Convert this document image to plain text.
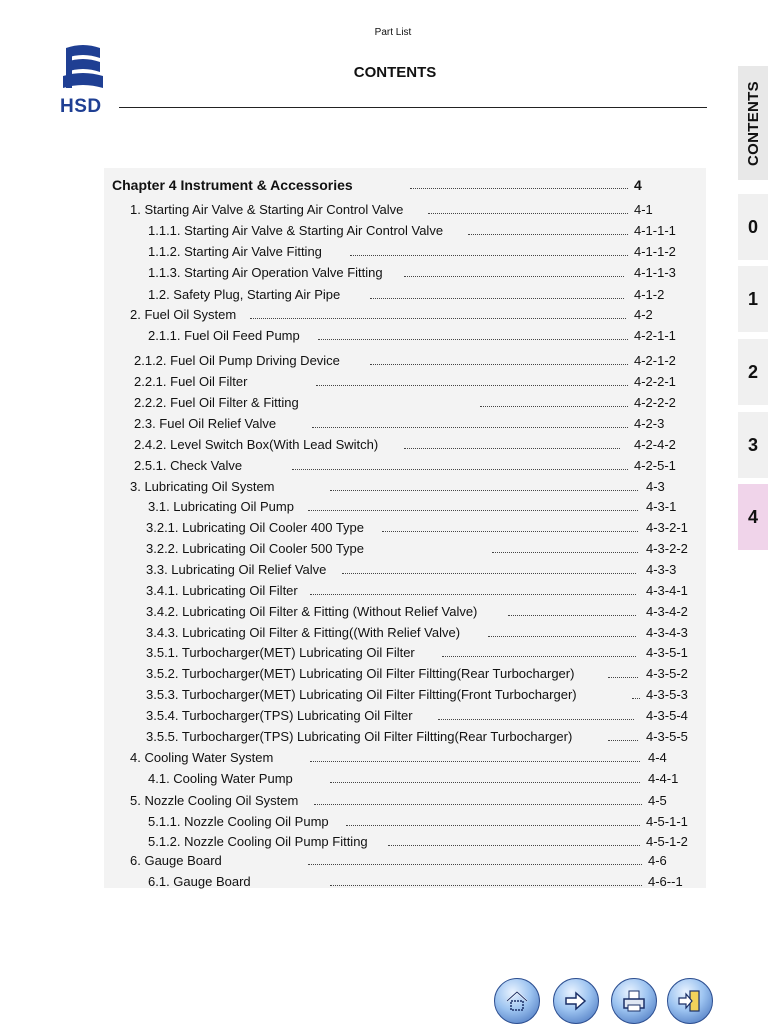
Part List
CONTENTS
HSD
Chapter 4 Instrument & Accessories	4
1. Starting Air Valve & Starting Air Control Valve	4-1
1.1.1. Starting Air Valve & Starting Air Control Valve	4-1-1-1
1.1.2. Starting Air Valve Fitting	4-1-1-2
1.1.3. Starting Air Operation Valve Fitting	4-1-1-3
1.2. Safety Plug, Starting Air Pipe	4-1-2
2. Fuel Oil System	4-2
2.1.1. Fuel Oil Feed Pump	4-2-1-1
2.1.2. Fuel Oil Pump Driving Device	4-2-1-2
2.2.1. Fuel Oil Filter	4-2-2-1
2.2.2. Fuel Oil Filter & Fitting	4-2-2-2
2.3. Fuel Oil Relief Valve	4-2-3
2.4.2. Level Switch Box(With Lead Switch)	4-2-4-2
2.5.1. Check Valve	4-2-5-1
3. Lubricating Oil System	4-3
3.1. Lubricating Oil Pump	4-3-1
3.2.1. Lubricating Oil Cooler 400 Type	4-3-2-1
3.2.2. Lubricating Oil Cooler 500 Type	4-3-2-2
3.3. Lubricating Oil Relief Valve	4-3-3
3.4.1. Lubricating Oil Filter	4-3-4-1
3.4.2. Lubricating Oil Filter & Fitting (Without Relief Valve)	4-3-4-2
3.4.3. Lubricating Oil Filter & Fitting((With Relief Valve)	4-3-4-3
3.5.1. Turbocharger(MET) Lubricating Oil Filter	4-3-5-1
3.5.2. Turbocharger(MET) Lubricating Oil Filter Filtting(Rear Turbocharger)	4-3-5-2
3.5.3. Turbocharger(MET) Lubricating Oil Filter Filtting(Front Turbocharger)	4-3-5-3
3.5.4. Turbocharger(TPS) Lubricating Oil Filter	4-3-5-4
3.5.5. Turbocharger(TPS) Lubricating Oil Filter Filtting(Rear Turbocharger)	4-3-5-5
4. Cooling Water System	4-4
4.1. Cooling Water Pump	4-4-1
5. Nozzle Cooling Oil System	4-5
5.1.1. Nozzle Cooling Oil Pump	4-5-1-1
5.1.2. Nozzle Cooling Oil Pump Fitting	4-5-1-2
6. Gauge Board	4-6
6.1. Gauge Board	4-6--1
CONTENTS
0
1
2
3
4
